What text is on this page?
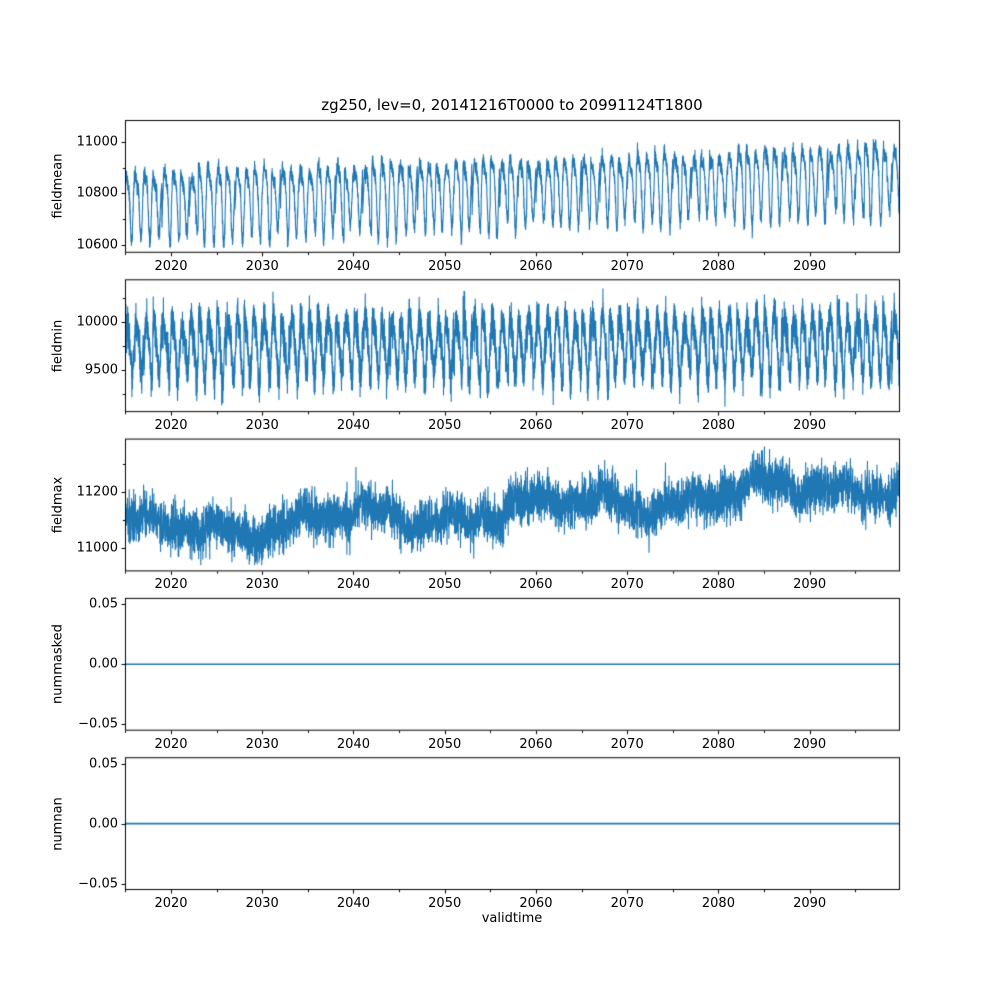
zg250, lev=0, 20141216T0000 to 20991124T1800
fieldmean
fieldmin
fieldmax
nummasked
numnan
validtime
2020	2030	2040	2050	2060	2070	2080	2090
10600
10800
11000
2020	2030	2040	2050	2060	2070	2080	2090
9500
10000
2020	2030	2040	2050	2060	2070	2080	2090
11000
11200
2020	2030	2040	2050	2060	2070	2080	2090
−0.05
0.00
0.05
2020	2030	2040	2050	2060	2070	2080	2090
−0.05
0.00
0.05
